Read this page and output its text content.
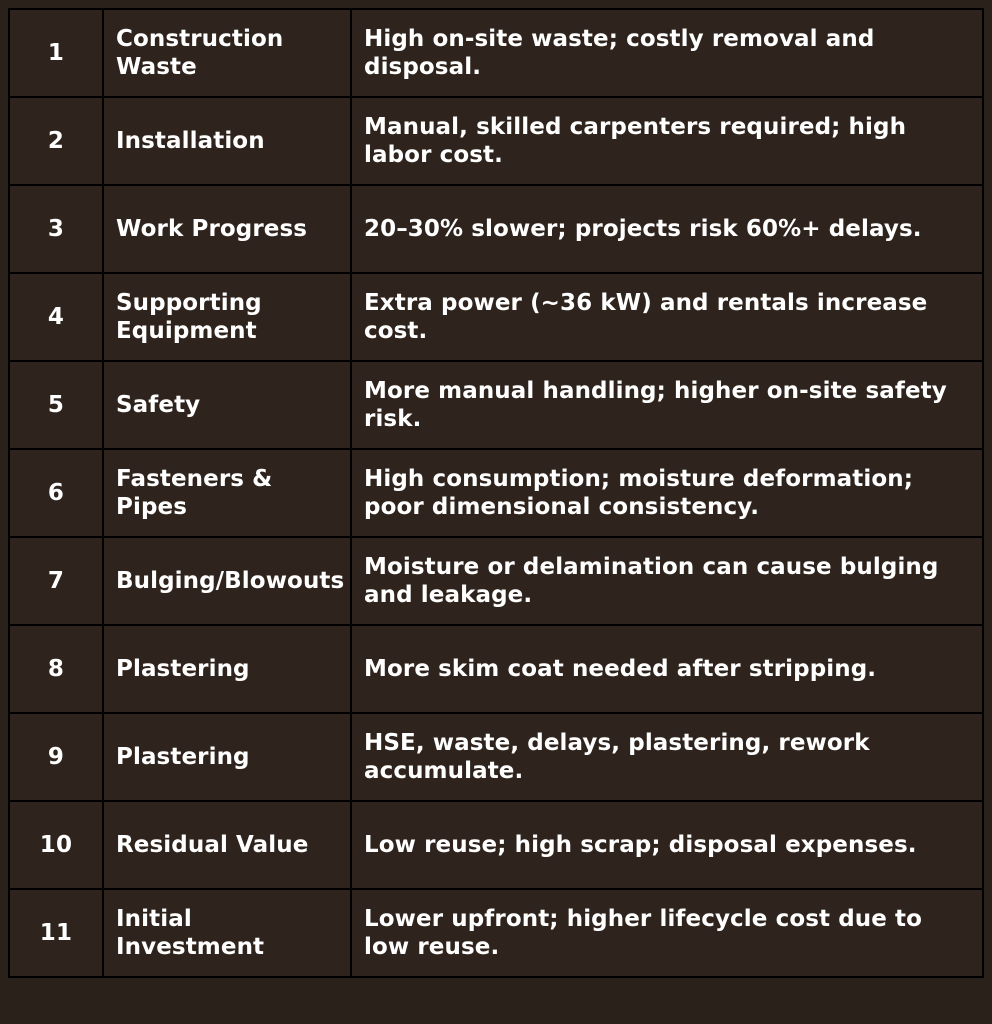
1	Construction Waste	High on-site waste; costly removal and disposal.
2	Installation	Manual, skilled carpenters required; high labor cost.
3	Work Progress	20–30% slower; projects risk 60%+ delays.
4	Supporting Equipment	Extra power (~36 kW) and rentals increase cost.
5	Safety	More manual handling; higher on-site safety risk.
6	Fasteners & Pipes	High consumption; moisture deformation; poor dimensional consistency.
7	Bulging/Blowouts	Moisture or delamination can cause bulging and leakage.
8	Plastering	More skim coat needed after stripping.
9	Plastering	HSE, waste, delays, plastering, rework accumulate.
10	Residual Value	Low reuse; high scrap; disposal expenses.
11	Initial Investment	Lower upfront; higher lifecycle cost due to low reuse.
